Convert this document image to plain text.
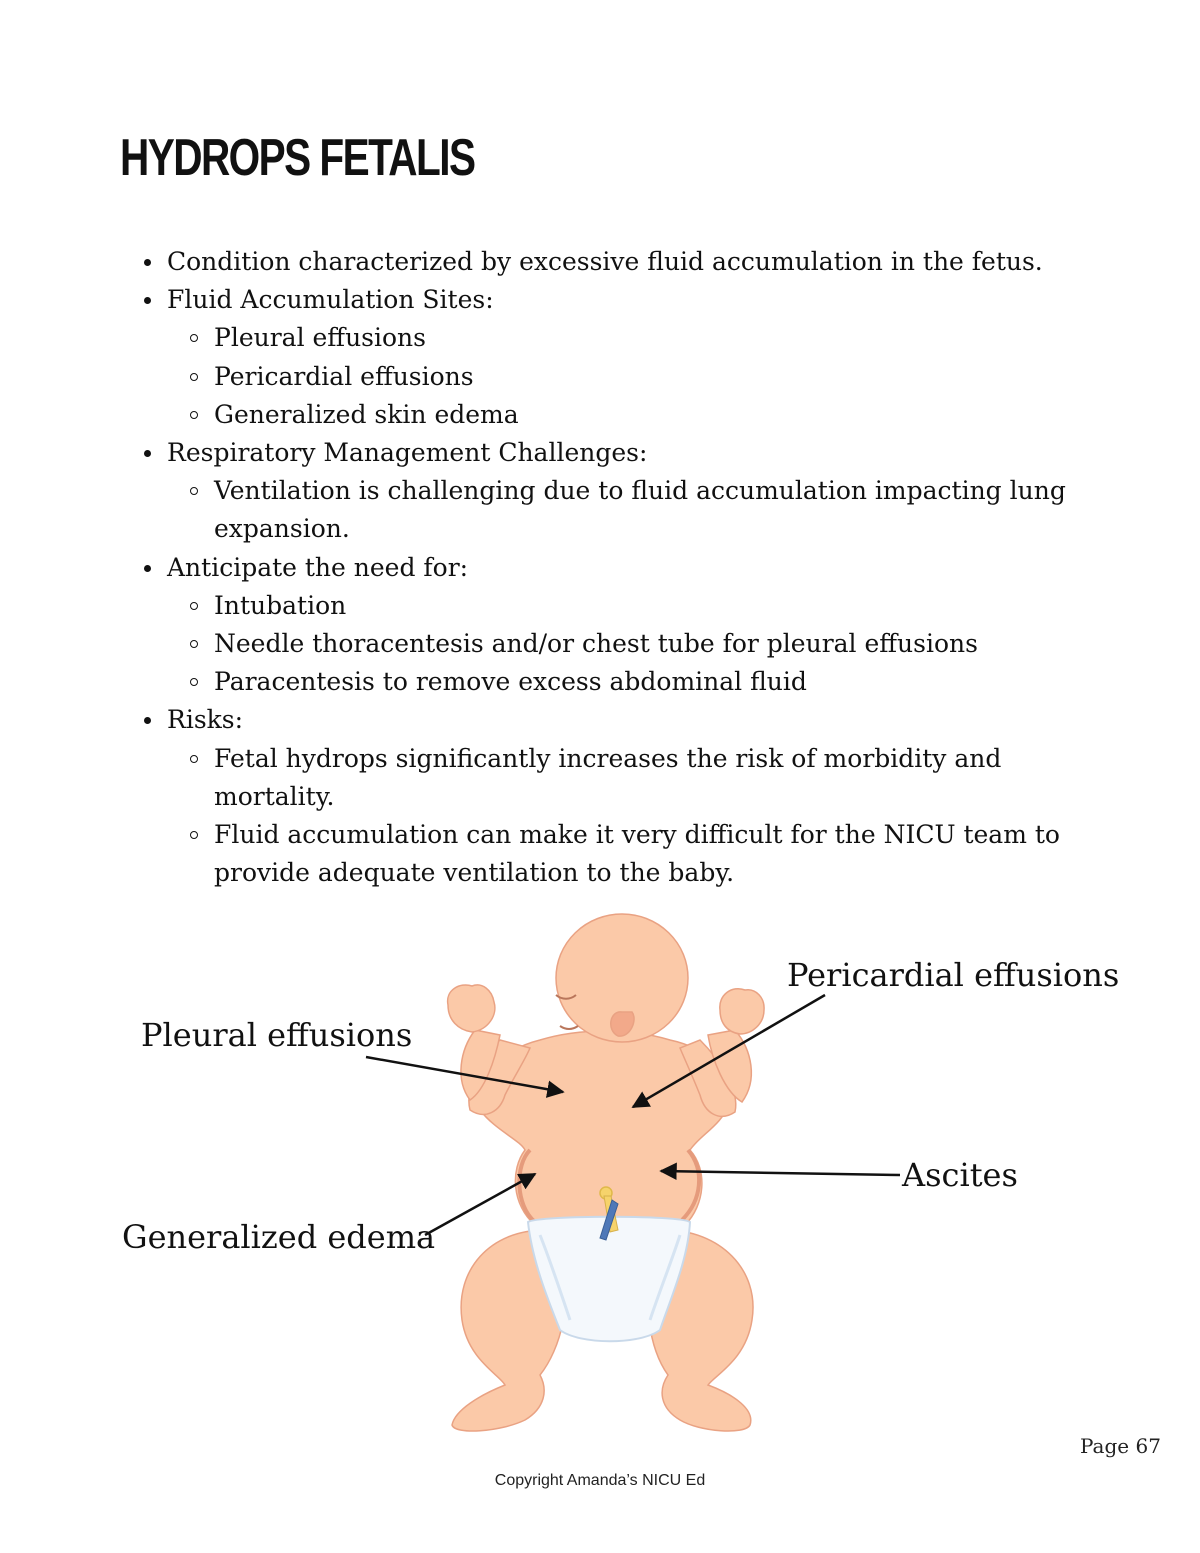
HYDROPS FETALIS
Condition characterized by excessive fluid accumulation in the fetus.
Fluid Accumulation Sites:
Pleural effusions
Pericardial effusions
Generalized skin edema
Respiratory Management Challenges:
Ventilation is challenging due to fluid accumulation impacting lung expansion.
Anticipate the need for:
Intubation
Needle thoracentesis and/or chest tube for pleural effusions
Paracentesis to remove excess abdominal fluid
Risks:
Fetal hydrops significantly increases the risk of morbidity and mortality.
Fluid accumulation can make it very difficult for the NICU team to provide adequate ventilation to the baby.
Pericardial effusions
Pleural effusions
Ascites
Generalized edema
Page 67
Copyright Amanda’s NICU Ed
